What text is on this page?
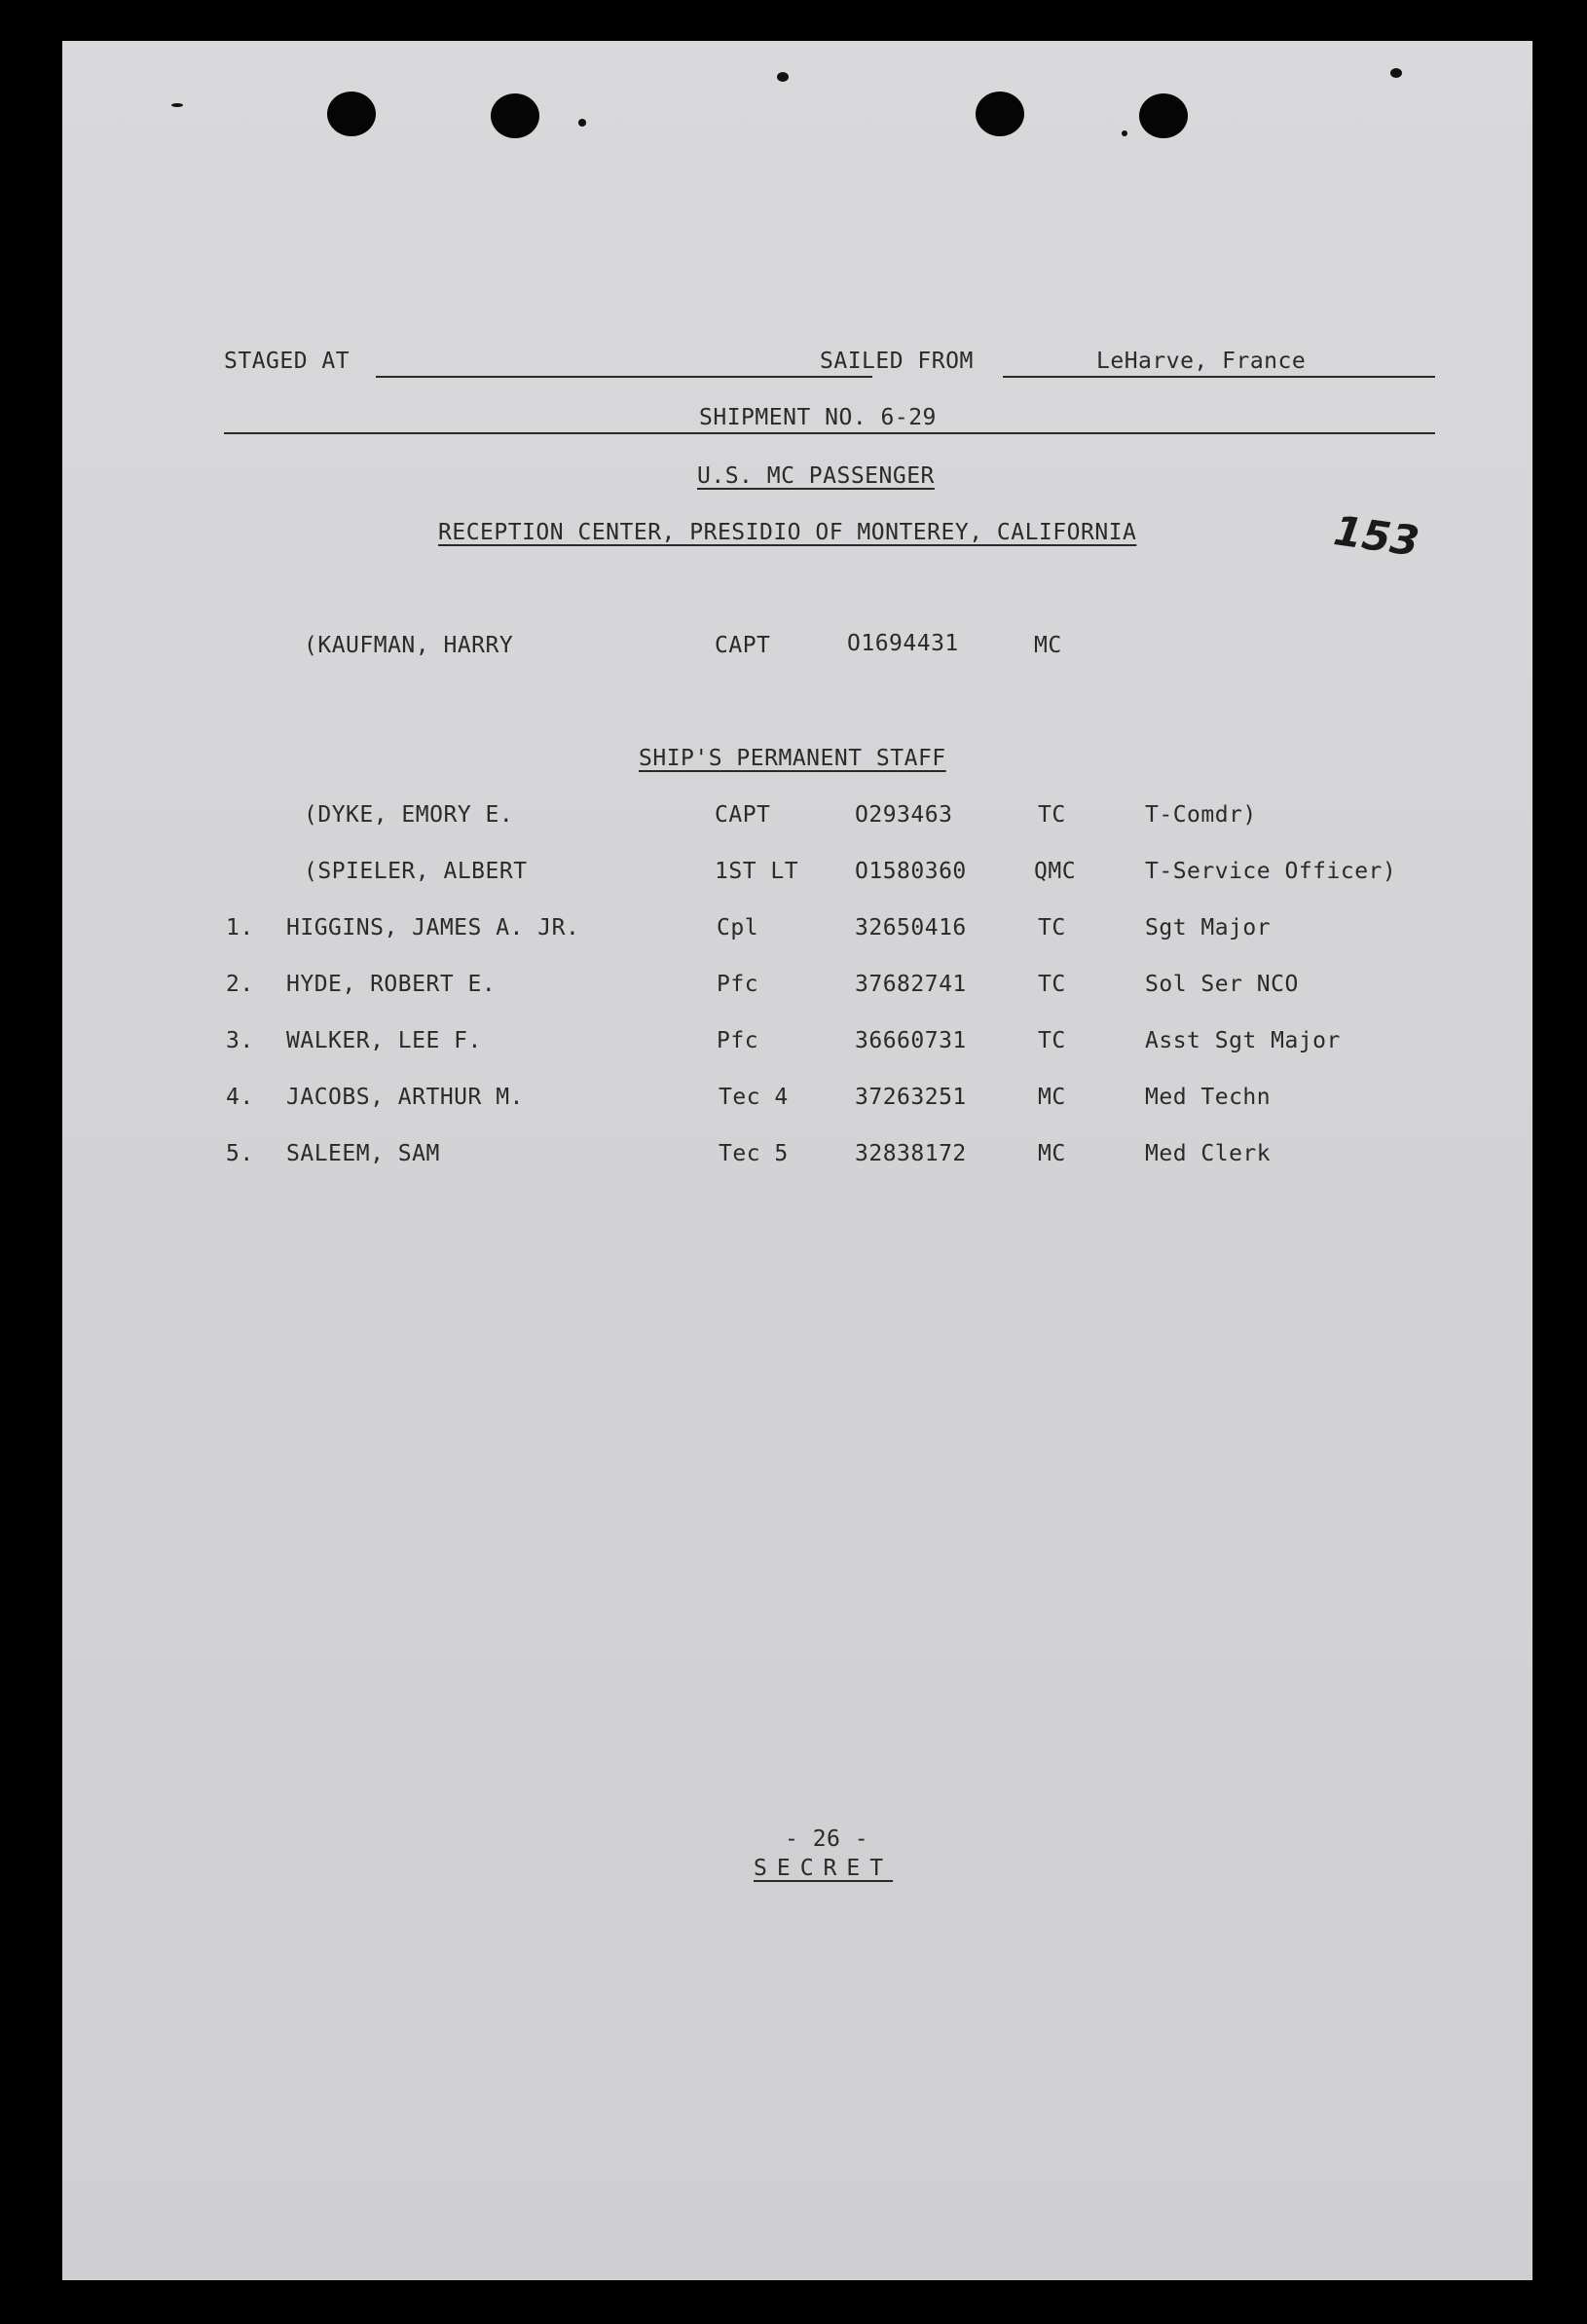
STAGED AT	SAILED FROM	LeHarve, France
SHIPMENT NO. 6-29
U.S. MC PASSENGER
RECEPTION CENTER, PRESIDIO OF MONTEREY, CALIFORNIA	153
(KAUFMAN, HARRY	CAPT	O1694431	MC
SHIP'S PERMANENT STAFF
(DYKE, EMORY E.	CAPT	O293463	TC	T-Comdr)
(SPIELER, ALBERT	1ST LT	O1580360	QMC	T-Service Officer)
1. HIGGINS, JAMES A. JR.	Cpl	32650416	TC	Sgt Major
2. HYDE, ROBERT E.	Pfc	37682741	TC	Sol Ser NCO
3. WALKER, LEE F.	Pfc	36660731	TC	Asst Sgt Major
4. JACOBS, ARTHUR M.	Tec 4	37263251	MC	Med Techn
5. SALEEM, SAM	Tec 5	32838172	MC	Med Clerk
- 26 -
SECRET
